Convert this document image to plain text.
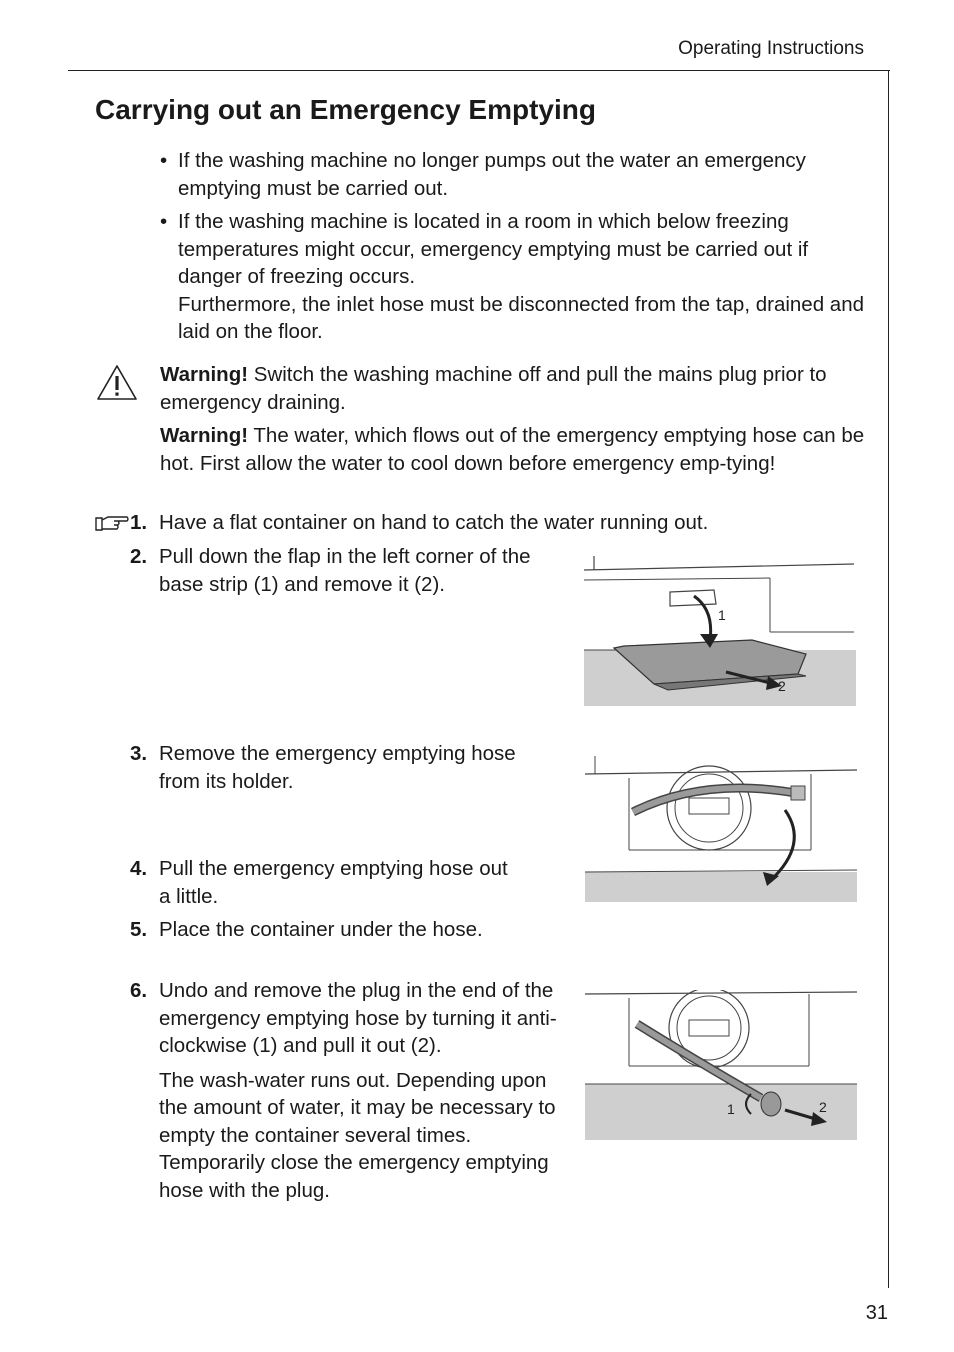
Operating Instructions
Carrying out an Emergency Emptying
• If the washing machine no longer pumps out the water an emergency emptying must be carried out.
• If the washing machine is located in a room in which below freezing temperatures might occur, emergency emptying must be carried out if danger of freezing occurs.
Furthermore, the inlet hose must be disconnected from the tap, drained and laid on the floor.
Warning! Switch the washing machine off and pull the mains plug prior to emergency draining.
Warning! The water, which flows out of the emergency emptying hose can be hot. First allow the water to cool down before emergency emp-tying!
1. Have a flat container on hand to catch the water running out.
2. Pull down the flap in the left corner of the base strip (1) and remove it (2).
3. Remove the emergency emptying hose from its holder.
4. Pull the emergency emptying hose out a little.
5. Place the container under the hose.
6. Undo and remove the plug in the end of the emergency emptying hose by turning it anti-clockwise (1) and pull it out (2).
The wash-water runs out. Depending upon the amount of water, it may be necessary to empty the container several times. Temporarily close the emergency emptying hose with the plug.
1
2
1	2
31
